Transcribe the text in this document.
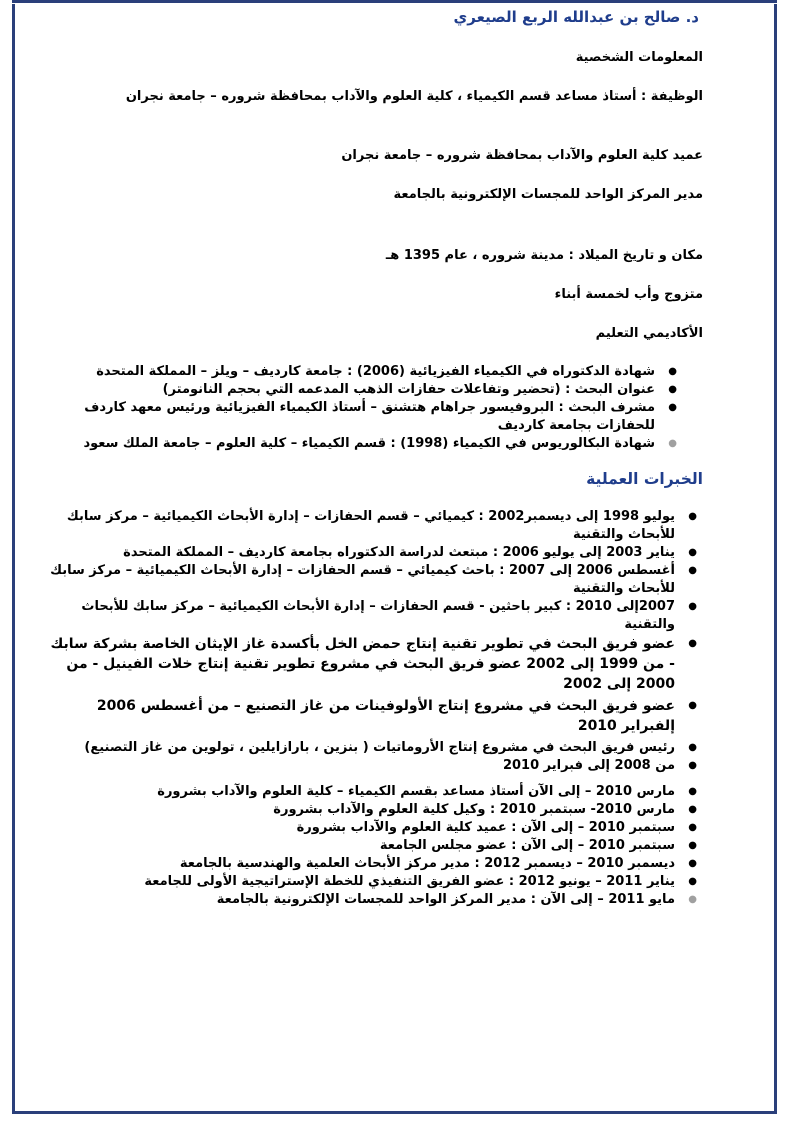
د. صالح بن عبدالله الربع الصيعري
المعلومات الشخصية
الوظيفة : أستاذ مساعد قسم الكيمياء ، كلية العلوم والآداب بمحافظة شروره – جامعة نجران
عميد كلية العلوم والآداب بمحافظة شروره – جامعة نجران
مدير المركز الواحد للمجسات الإلكترونية بالجامعة
مكان و تاريخ الميلاد : مدينة شروره ، عام 1395 هـ
متزوج وأب لخمسة أبناء
الأكاديمي التعليم
●
شهادة الدكتوراه في الكيمياء الفيزيائية (2006) : جامعة كارديف – ويلز – المملكة المتحدة
●
عنوان البحث : (تحضير وتفاعلات حفازات الذهب المدعمه التي بحجم النانومتر)
●
مشرف البحث : البروفيسور جراهام هتشنق – أستاذ الكيمياء الفيزيائية ورئيس معهد كاردف للحفازات بجامعة كارديف
●
شهادة البكالوريوس في الكيمياء (1998) : قسم الكيمياء – كلية العلوم – جامعة الملك سعود
الخبرات العملية
●
يوليو 1998 إلى ديسمبر2002 : كيميائي – قسم الحفازات – إدارة الأبحاث الكيميائية – مركز سابك للأبحاث والتقنية
●
يناير 2003 إلى يوليو 2006 : مبتعث لدراسة الدكتوراه بجامعة كارديف – المملكة المتحدة
●
أغسطس 2006 إلى 2007 : باحث كيميائي – قسم الحفازات – إدارة الأبحاث الكيميائية – مركز سابك للأبحاث والتقنية
●
2007إلى 2010 : كبير باحثين - قسم الحفازات – إدارة الأبحاث الكيميائية – مركز سابك للأبحاث والتقنية
●
عضو فريق البحث في تطوير تقنية إنتاج حمض الخل بأكسدة غاز الإيثان الخاصة بشركة سابك - من 1999 إلى 2002 عضو فريق البحث في مشروع تطوير تقنية إنتاج خلات الفينيل - من 2000 إلى 2002
●
عضو فريق البحث في مشروع إنتاج الأولوفينات من غاز التصنيع – من أغسطس 2006 إلفبراير 2010
●
رئيس فريق البحث في مشروع إنتاج الأروماتيات ( بنزين ، بارازايلين ، تولوين من غاز التصنيع)
●
من 2008 إلى فبراير 2010
●
مارس 2010 – إلى الآن أستاذ مساعد بقسم الكيمياء – كلية العلوم والآداب بشرورة
●
مارس 2010- سبتمبر 2010 : وكيل كلية العلوم والآداب بشرورة
●
سبتمبر 2010 – إلى الآن : عميد كلية العلوم والآداب بشرورة
●
سبتمبر 2010 – إلى الآن : عضو مجلس الجامعة
●
ديسمبر 2010 – ديسمبر 2012 : مدير مركز الأبحاث العلمية والهندسية بالجامعة
●
يناير 2011 – يونيو 2012 : عضو الفريق التنفيذي للخطة الإستراتيجية الأولى للجامعة
●
مايو 2011 – إلى الآن : مدير المركز الواحد للمجسات الإلكترونية بالجامعة
